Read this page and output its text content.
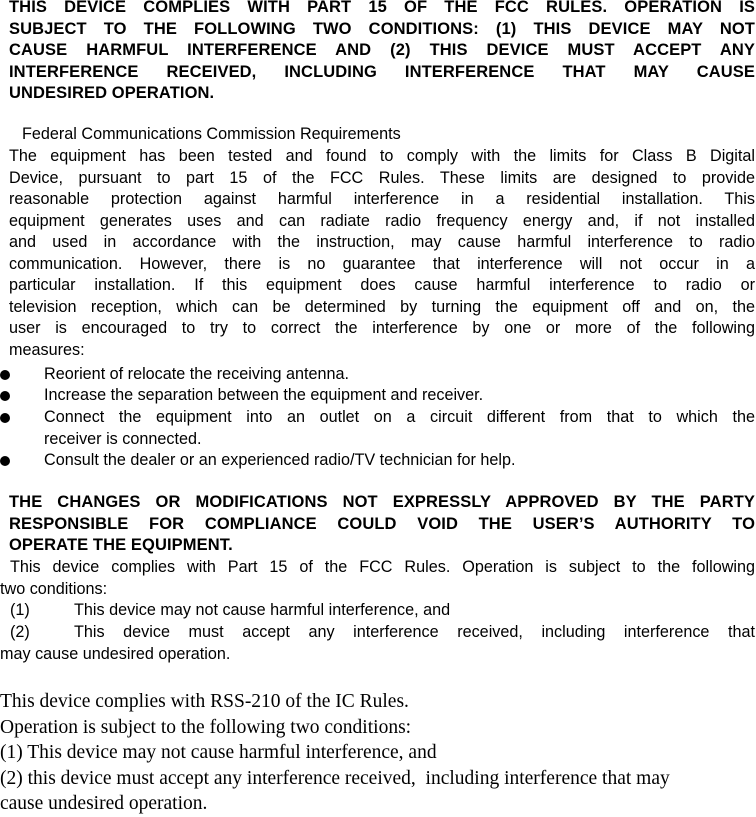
THIS DEVICE COMPLIES WITH PART 15 OF THE FCC RULES. OPERATION IS
SUBJECT TO THE FOLLOWING TWO CONDITIONS: (1) THIS DEVICE MAY NOT
CAUSE HARMFUL INTERFERENCE AND (2) THIS DEVICE MUST ACCEPT ANY
INTERFERENCE RECEIVED, INCLUDING INTERFERENCE THAT MAY CAUSE
UNDESIRED OPERATION.
Federal Communications Commission Requirements
The equipment has been tested and found to comply with the limits for Class B Digital
Device, pursuant to part 15 of the FCC Rules. These limits are designed to provide
reasonable protection against harmful interference in a residential installation. This
equipment generates uses and can radiate radio frequency energy and, if not installed
and used in accordance with the instruction, may cause harmful interference to radio
communication. However, there is no guarantee that interference will not occur in a
particular installation. If this equipment does cause harmful interference to radio or
television reception, which can be determined by turning the equipment off and on, the
user is encouraged to try to correct the interference by one or more of the following
measures:
Reorient of relocate the receiving antenna.
Increase the separation between the equipment and receiver.
Connect the equipment into an outlet on a circuit different from that to which the
receiver is connected.
Consult the dealer or an experienced radio/TV technician for help.
THE CHANGES OR MODIFICATIONS NOT EXPRESSLY APPROVED BY THE PARTY
RESPONSIBLE FOR COMPLIANCE COULD VOID THE USER’S AUTHORITY TO
OPERATE THE EQUIPMENT.
This device complies with Part 15 of the FCC Rules. Operation is subject to the following
two conditions:
(1)	This device may not cause harmful interference, and
(2)	This device must accept any interference received, including interference that
may cause undesired operation.
This device complies with RSS-210 of the IC Rules.
Operation is subject to the following two conditions:
(1) This device may not cause harmful interference, and
(2) this device must accept any interference received,  including interference that may
cause undesired operation.
